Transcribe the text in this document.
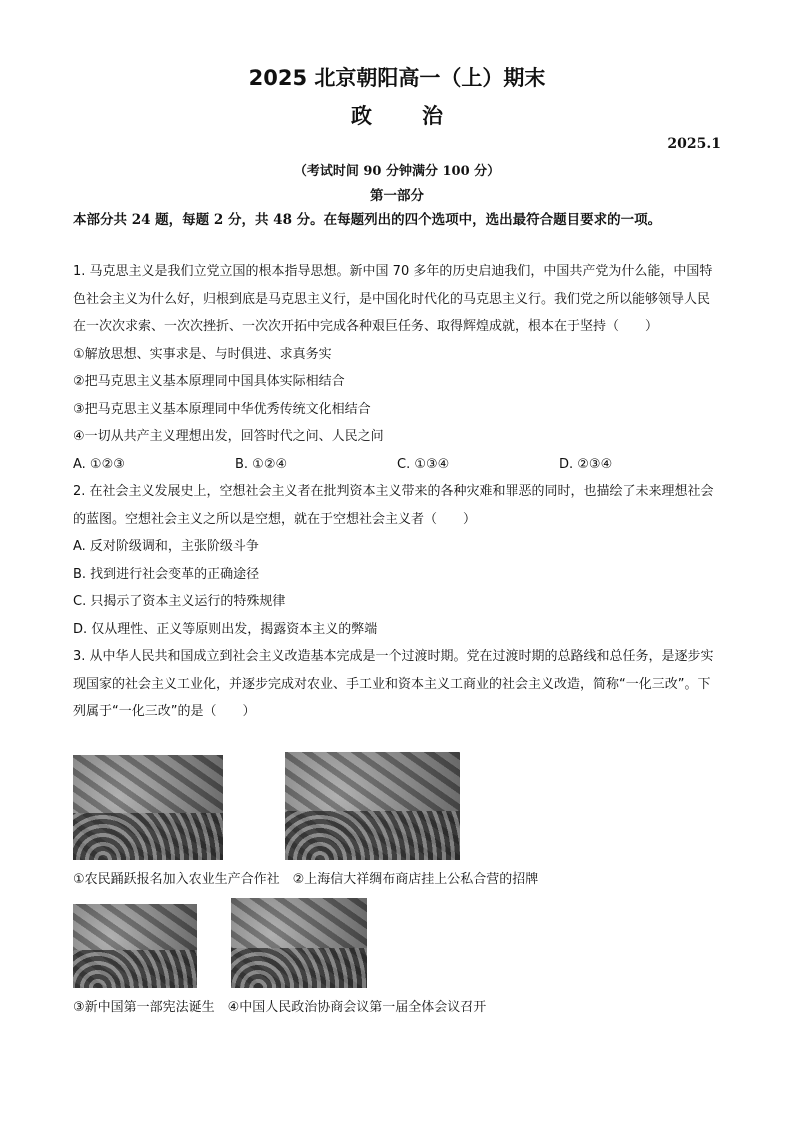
2025 北京朝阳高一（上）期末
政治
2025.1
（考试时间 90 分钟满分 100 分）
第一部分
本部分共 24 题，每题 2 分，共 48 分。在每题列出的四个选项中，选出最符合题目要求的一项。

1. 马克思主义是我们立党立国的根本指导思想。新中国 70 多年的历史启迪我们，中国共产党为什么能，中国特色社会主义为什么好，归根到底是马克思主义行，是中国化时代化的马克思主义行。我们党之所以能够领导人民在一次次求索、一次次挫折、一次次开拓中完成各种艰巨任务、取得辉煌成就，根本在于坚持（　　）

①解放思想、实事求是、与时俱进、求真务实

②把马克思主义基本原理同中国具体实际相结合

③把马克思主义基本原理同中华优秀传统文化相结合

④一切从共产主义理想出发，回答时代之问、人民之问

A. ①②③	B. ①②④	C. ①③④	D. ②③④

2. 在社会主义发展史上，空想社会主义者在批判资本主义带来的各种灾难和罪恶的同时，也描绘了未来理想社会的蓝图。空想社会主义之所以是空想，就在于空想社会主义者（　　）

A. 反对阶级调和，主张阶级斗争

B. 找到进行社会变革的正确途径

C. 只揭示了资本主义运行的特殊规律

D. 仅从理性、正义等原则出发，揭露资本主义的弊端

3. 从中华人民共和国成立到社会主义改造基本完成是一个过渡时期。党在过渡时期的总路线和总任务，是逐步实现国家的社会主义工业化，并逐步完成对农业、手工业和资本主义工商业的社会主义改造，简称“一化三改”。下列属于“一化三改”的是（　　）

①农民踊跃报名加入农业生产合作社　②上海信大祥绸布商店挂上公私合营的招牌
③新中国第一部宪法诞生　④中国人民政治协商会议第一届全体会议召开
